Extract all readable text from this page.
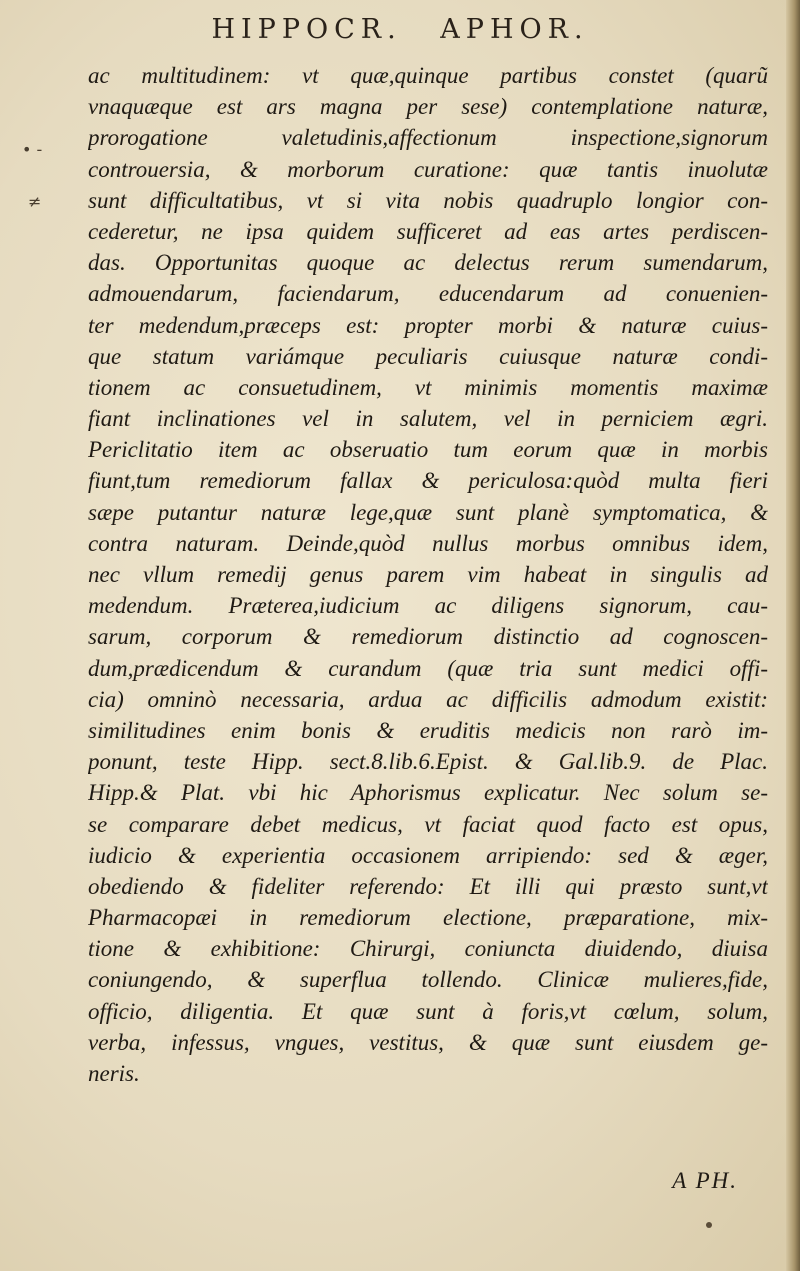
HIPPOCR. APHOR.
• -
≠
ac multitudinem: vt quæ,quinque partibus constet (quarũ
vnaquæque est ars magna per sese) contemplatione naturæ,
prorogatione valetudinis,affectionum inspectione,signorum
controuersia, & morborum curatione: quæ tantis inuolutæ
sunt difficultatibus, vt si vita nobis quadruplo longior con-
cederetur, ne ipsa quidem sufficeret ad eas artes perdiscen-
das. Opportunitas quoque ac delectus rerum sumendarum,
admouendarum, faciendarum, educendarum ad conuenien-
ter medendum,præceps est: propter morbi & naturæ cuius-
que statum variámque peculiaris cuiusque naturæ condi-
tionem ac consuetudinem, vt minimis momentis maximæ
fiant inclinationes vel in salutem, vel in perniciem ægri.
Periclitatio item ac obseruatio tum eorum quæ in morbis
fiunt,tum remediorum fallax & periculosa:quòd multa fieri
sæpe putantur naturæ lege,quæ sunt planè symptomatica, &
contra naturam. Deinde,quòd nullus morbus omnibus idem,
nec vllum remedij genus parem vim habeat in singulis ad
medendum. Præterea,iudicium ac diligens signorum, cau-
sarum, corporum & remediorum distinctio ad cognoscen-
dum,prædicendum & curandum (quæ tria sunt medici offi-
cia) omninò necessaria, ardua ac difficilis admodum existit:
similitudines enim bonis & eruditis medicis non rarò im-
ponunt, teste Hipp. sect.8.lib.6.Epist. & Gal.lib.9. de Plac.
Hipp.& Plat. vbi hic Aphorismus explicatur. Nec solum se-
se comparare debet medicus, vt faciat quod facto est opus,
iudicio & experientia occasionem arripiendo: sed & æger,
obediendo & fideliter referendo: Et illi qui præsto sunt,vt
Pharmacopæi in remediorum electione, præparatione, mix-
tione & exhibitione: Chirurgi, coniuncta diuidendo, diuisa
coniungendo, & superflua tollendo. Clinicæ mulieres,fide,
officio, diligentia. Et quæ sunt à foris,vt cœlum, solum,
verba, infessus, vngues, vestitus, & quæ sunt eiusdem ge-
neris.
A PH.
